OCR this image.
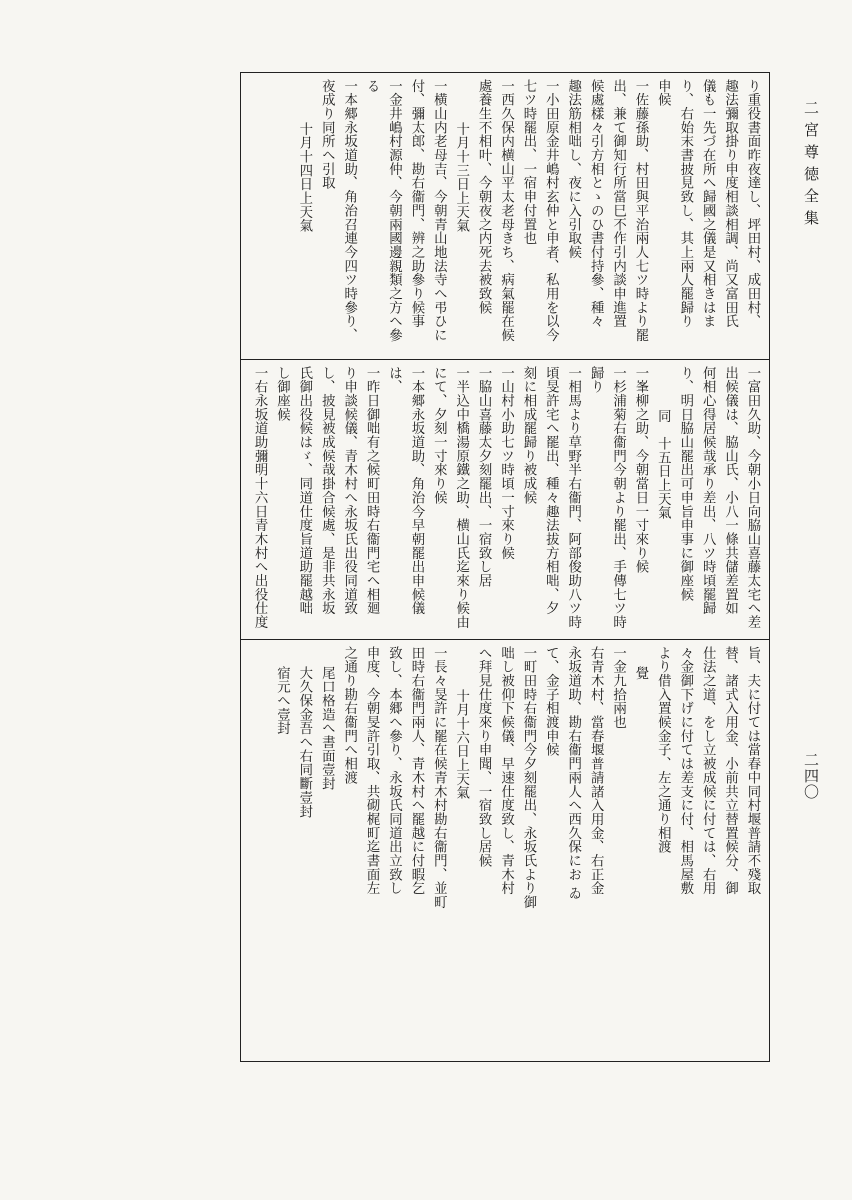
二宮尊徳全集
二四〇

り重役書面昨夜達し、坪田村、成田村、

趣法彌取掛り申度相談相調、尚又富田氏

儀も一先づ在所へ歸國之儀是又相きはま

り、右始末書披見致し、其上兩人罷歸り

申候

一佐藤孫助、村田與平治兩人七ツ時より罷

出、兼て御知行所當巳不作引内談申進置

候處樣々引方相とゝのひ書付持參、種々

趣法筋相咄し、夜に入引取候

一小田原金井嶋村玄仲と申者、私用を以今

七ツ時罷出、一宿申付置也

一西久保内横山平太老母きち、病氣罷在候

處養生不相叶、今朝夜之内死去被致候

十月十三日上天氣

一横山内老母吉、今朝青山地法寺へ弔ひに

付、彌太郎、勘右衞門、辨之助參り候事

一金井嶋村源仲、今朝兩國邊親類之方へ參

る

一本郷永坂道助、角治召連今四ツ時參り、

夜成り同所へ引取

十月十四日上天氣

一富田久助、今朝小日向脇山喜藤太宅へ差

出候儀は、脇山氏、小八一條共儲差置如

何相心得居候哉承り差出、八ツ時頃罷歸

り、明日脇山罷出可申旨申事に御座候

同　十五日上天氣

一峯柳之助、今朝當日一寸來り候

一杉浦菊右衞門今朝より罷出、手傳七ツ時

歸り

一相馬より草野半右衞門、阿部俊助八ツ時

頃旻許宅へ罷出、種々趣法拔方相咄、夕

刻に相成罷歸り被成候

一山村小助七ツ時頃一寸來り候

一脇山喜藤太夕刻罷出、一宿致し居

一半込中橋湯原鐵之助、横山氏迄來り候由

にて、夕刻一寸來り候

一本郷永坂道助、角治今早朝罷出申候儀は、

一昨日御咄有之候町田時右衞門宅へ相廻

り申談候儀、青木村へ永坂氏出役同道致

し、披見被成候哉掛合候處、是非共永坂

氏御出役候はゞ、同道仕度旨道助罷越咄

し御座候

一右永坂道助彌明十六日青木村へ出役仕度

旨、夫に付ては當春中同村堰普請不殘取

替、諸式入用金、小前共立替置候分、御

仕法之道、をし立被成候に付ては、右用

々金御下げに付ては差支に付、相馬屋敷

より借入置候金子、左之通り相渡

覺

一金九拾兩也

右青木村、當春堰普請諸入用金、右正金

永坂道助、勘右衞門兩人へ西久保にお ゐ

て、金子相渡申候

一町田時右衞門今夕刻罷出、永坂氏より御

咄し被仰下候儀、早速仕度致し、青木村

へ拜見仕度來り申聞、一宿致し居候

十月十六日上天氣

一長々旻許に罷在候青木村勘右衞門、並町

田時右衞門兩人、青木村へ罷越に付暇乞

致し、本郷へ參り、永坂氏同道出立致し

申度、今朝旻許引取、共砌梶町迄書面左

之通り勘右衞門へ相渡

尾口格造へ書面壹封

大久保金吾へ右同斷壹封

宿元へ壹封
